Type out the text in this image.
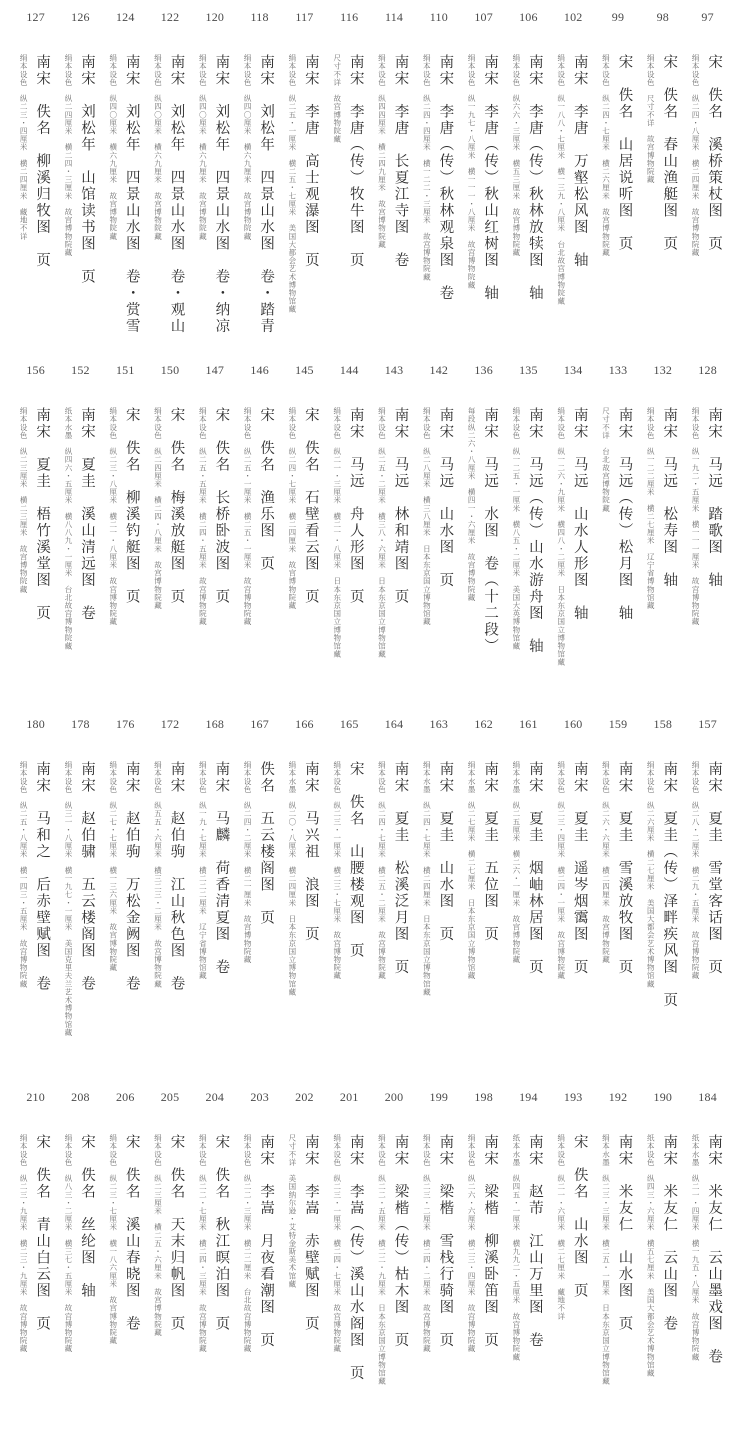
97
宋　佚名　溪桥策杖图　页
绢本设色　纵二四・八厘米　横二四厘米　故宫博物院藏
98
宋　佚名　春山渔艇图　页
绢本设色　尺寸不详　故宫博物院藏
99
宋　佚名　山居说听图　页
绢本设色　纵二四・七厘米　横二六厘米　故宫博物院藏
102
南宋　李唐　万壑松风图　轴
绢本设色　纵一八八・七厘米　横一三九・八厘米　台北故宫博物院藏
106
南宋　李唐（传）秋林放犊图　轴
绢本设色　纵六六・三厘米　横五三厘米　故宫博物院藏
107
南宋　李唐（传）秋山红树图　轴
绢本设色　纵一九七・八厘米　横一一一・八厘米　故宫博物院藏
110
南宋　李唐（传）秋林观泉图　卷
绢本设色　纵二四・四厘米　横一二二・三厘米　故宫博物院藏
114
南宋　李唐　长夏江寺图　卷
绢本设色　纵四四厘米　横二四九厘米　故宫博物院藏
116
南宋　李唐（传）牧牛图　页
尺寸不详　故宫博物院藏
117
南宋　李唐　高士观瀑图　页
绢本设色　纵二五・一厘米　横二五・七厘米　美国大都会艺术博物馆藏
118
南宋　刘松年　四景山水图　卷・踏青
绢本设色　纵四〇厘米　横六九厘米　故宫博物院藏
120
南宋　刘松年　四景山水图　卷・纳凉
绢本设色　纵四〇厘米　横六九厘米　故宫博物院藏
122
南宋　刘松年　四景山水图　卷・观山
绢本设色　纵四〇厘米　横六九厘米　故宫博物院藏
124
南宋　刘松年　四景山水图　卷・赏雪
绢本设色　纵四〇厘米　横六九厘米　故宫博物院藏
126
南宋　刘松年　山馆读书图　页
绢本设色　纵二四厘米　横二四・三厘米　故宫博物院藏
127
南宋　佚名　柳溪归牧图　页
绢本设色　纵二三・四厘米　横二四厘米　藏地不详
128
南宋　马远　踏歌图　轴
绢本设色　纵一九二・五厘米　横一一一厘米　故宫博物院藏
132
南宋　马远　松寿图　轴
绢本设色　纵一二二厘米　横二七厘米　辽宁省博物馆藏
133
南宋　马远（传）松月图　轴
尺寸不详　台北故宫博物院藏
134
南宋　马远　山水人形图　轴
绢本设色　纵一二六・九厘米　横四八・二厘米　日本东京国立博物馆藏
135
南宋　马远（传）山水游舟图　轴
绢本设色　纵一二五・一厘米　横八五・二厘米　美国大英博物馆藏
136
南宋　马远　水图　卷（十二段）
每段纵二六・八厘米　横四一・六厘米　故宫博物院藏
142
南宋　马远　山水图　页
绢本设色　纵二八厘米　横三八厘米　日本东京国立博物馆藏
143
南宋　马远　林和靖图　页
绢本设色　纵二五・二厘米　横三八・六厘米　日本东京国立博物馆藏
144
南宋　马远　舟人形图　页
绢本设色　纵二一・三厘米　横二一・八厘米　日本东京国立博物馆藏
145
宋　佚名　石壁看云图　页
绢本设色　纵二四・七厘米　横二四厘米　故宫博物院藏
146
宋　佚名　渔乐图　页
绢本设色　纵二五・一厘米　横二五・一厘米　故宫博物院藏
147
宋　佚名　长桥卧波图　页
绢本设色　纵二五・五厘米　横二四・五厘米　故宫博物院藏
150
宋　佚名　梅溪放艇图　页
绢本设色　纵二四厘米　横二四・八厘米　故宫博物院藏
151
宋　佚名　柳溪钓艇图　页
绢本设色　纵二三・八厘米　横二一・八厘米　故宫博物院藏
152
南宋　夏圭　溪山清远图　卷
纸本水墨　纵四六・五厘米　横八八九・一厘米　台北故宫博物院藏
156
南宋　夏圭　梧竹溪堂图　页
绢本设色　纵二三厘米　横二三厘米　故宫博物院藏
157
南宋　夏圭　雪堂客话图　页
绢本设色　纵二八・二厘米　横二九・五厘米　故宫博物院藏
158
南宋　夏圭（传）泽畔疾风图　页
绢本设色　纵二六厘米　横二七厘米　美国大都会艺术博物馆藏
159
南宋　夏圭　雪溪放牧图　页
绢本设色　纵二六・六厘米　横二四厘米　故宫博物院藏
160
南宋　夏圭　遥岑烟霭图　页
绢本设色　纵二三・四厘米　横二四・一厘米　故宫博物院藏
161
南宋　夏圭　烟岫林居图　页
绢本水墨　纵二五厘米　横二六・一厘米　故宫博物院藏
162
南宋　夏圭　五位图　页
绢本水墨　纵二七厘米　横二七厘米　日本东京国立博物馆藏
163
南宋　夏圭　山水图　页
绢本水墨　纵二四・七厘米　横二四厘米　日本东京国立博物馆藏
164
南宋　夏圭　松溪泛月图　页
绢本设色　纵二四・七厘米　横二五・二厘米　故宫博物院藏
165
宋　佚名　山腰楼观图　页
绢本设色　纵二三・一厘米　横二三・七厘米　故宫博物院藏
166
南宋　马兴祖　浪图　页
绢本水墨　纵二〇・八厘米　横二四厘米　日本东京国立博物馆藏
167
佚名　五云楼阁图　页
绢本设色　纵二四・二厘米　横二一厘米　故宫博物院藏
168
南宋　马麟　荷香清夏图　卷
绢本设色　纵一九・七厘米　横二二二厘米　辽宁省博物馆藏
172
南宋　赵伯驹　江山秋色图　卷
绢本设色　纵五五・六厘米　横三二三・二厘米　故宫博物院藏
176
南宋　赵伯驹　万松金阙图　卷
绢本设色　纵二七・七厘米　横一三六厘米　故宫博物院藏
178
南宋　赵伯骕　五云楼阁图　卷
绢本设色　纵三一・八厘米　横一九七・一厘米　美国克里夫兰艺术博物馆藏
180
南宋　马和之　后赤壁赋图　卷
绢本设色　纵二五・八厘米　横一四三・五厘米　故宫博物院藏
184
南宋　米友仁　云山墨戏图　卷
纸本水墨　纵二一・四厘米　横一九五・八厘米　故宫博物院藏
190
南宋　米友仁　云山图　卷
纸本设色　纵四三・六厘米　横五七厘米　美国大都会艺术博物馆藏
192
南宋　米友仁　山水图　页
绢本水墨　纵二三・三厘米　横二五・一厘米　日本东京国立博物馆藏
193
宋　佚名　山水图　页
绢本设色　纵二一・六厘米　横二七厘米　藏地不详
194
南宋　赵芾　江山万里图　卷
纸本水墨　纵四五・一厘米　横九九二・五厘米　故宫博物院藏
198
南宋　梁楷　柳溪卧笛图　页
绢本设色　纵二六・六厘米　横二三・四厘米　故宫博物院藏
199
南宋　梁楷　雪栈行骑图　页
绢本设色　纵二三・二厘米　横二四・二厘米　故宫博物院藏
200
南宋　梁楷（传）枯木图　页
绢本设色　纵二二・五厘米　横二二・九厘米　日本东京国立博物馆藏
201
南宋　李嵩（传）溪山水阁图　页
绢本设色　纵二三・一厘米　横二四・七厘米　故宫博物院藏
202
南宋　李嵩　赤壁赋图　页
尺寸不详　美国纳尔逊・艾特金斯美术馆藏
203
南宋　李嵩　月夜看潮图　页
绢本设色　纵二二・三厘米　横二二厘米　台北故宫博物院藏
204
宋　佚名　秋江暝泊图　页
绢本设色　纵二二・七厘米　横二四・三厘米　故宫博物院藏
205
宋　佚名　天末归帆图　页
绢本设色　纵二三厘米　横二五・六厘米　故宫博物院藏
206
宋　佚名　溪山春晓图　卷
绢本设色　纵二三・七厘米　横一八六厘米　故宫博物院藏
208
宋　佚名　丝纶图　轴
绢本设色　纵八三・二厘米　横三七・五厘米　故宫博物院藏
210
宋　佚名　青山白云图　页
绢本设色　纵二三・九厘米　横二三・九厘米　故宫博物院藏
